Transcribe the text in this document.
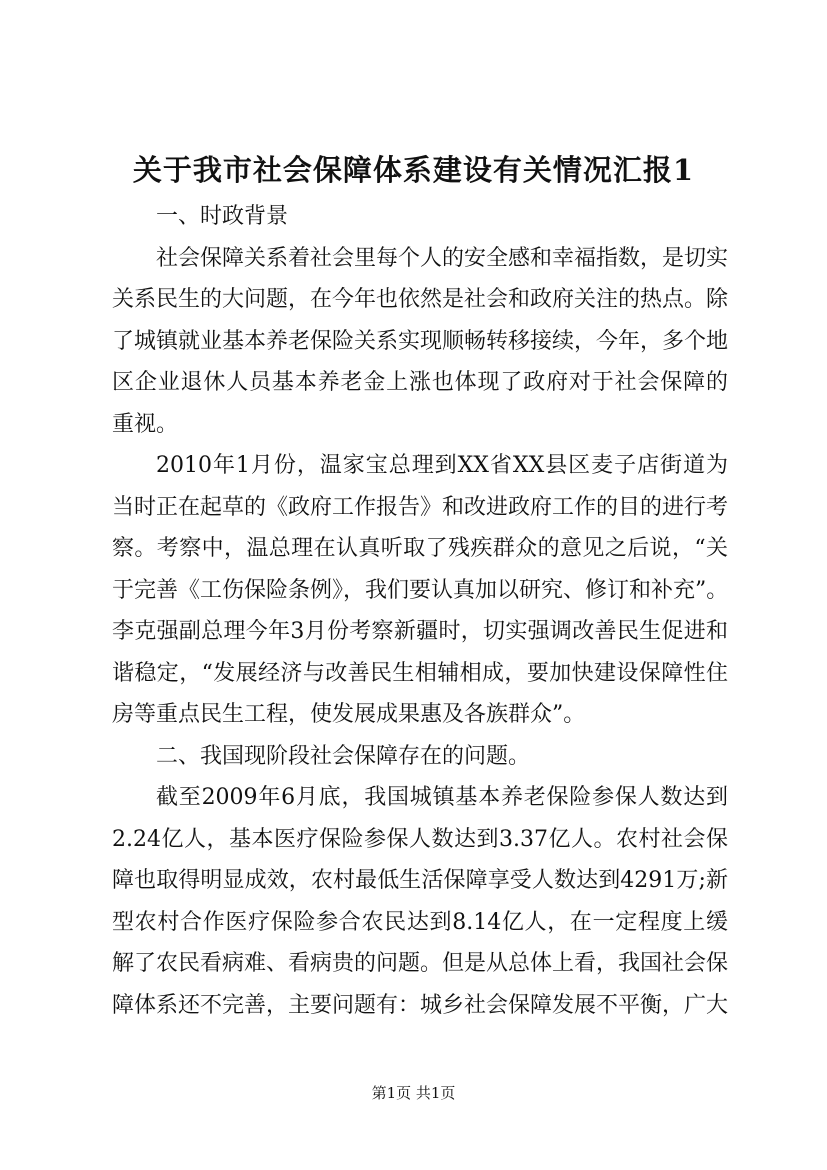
关于我市社会保障体系建设有关情况汇报1
一、时政背景
社会保障关系着社会里每个人的安全感和幸福指数，是切实
关系民生的大问题，在今年也依然是社会和政府关注的热点。除
了城镇就业基本养老保险关系实现顺畅转移接续，今年，多个地
区企业退休人员基本养老金上涨也体现了政府对于社会保障的
重视。
2010年1月份，温家宝总理到XX省XX县区麦子店街道为
当时正在起草的《政府工作报告》和改进政府工作的目的进行考
察。考察中，温总理在认真听取了残疾群众的意见之后说，“关
于完善《工伤保险条例》，我们要认真加以研究、修订和补充”。
李克强副总理今年3月份考察新疆时，切实强调改善民生促进和
谐稳定，“发展经济与改善民生相辅相成，要加快建设保障性住
房等重点民生工程，使发展成果惠及各族群众”。
二、我国现阶段社会保障存在的问题。
截至2009年6月底，我国城镇基本养老保险参保人数达到
2.24亿人，基本医疗保险参保人数达到3.37亿人。农村社会保
障也取得明显成效，农村最低生活保障享受人数达到4291万;新
型农村合作医疗保险参合农民达到8.14亿人，在一定程度上缓
解了农民看病难、看病贵的问题。但是从总体上看，我国社会保
障体系还不完善，主要问题有：城乡社会保障发展不平衡，广大
第1页 共1页
